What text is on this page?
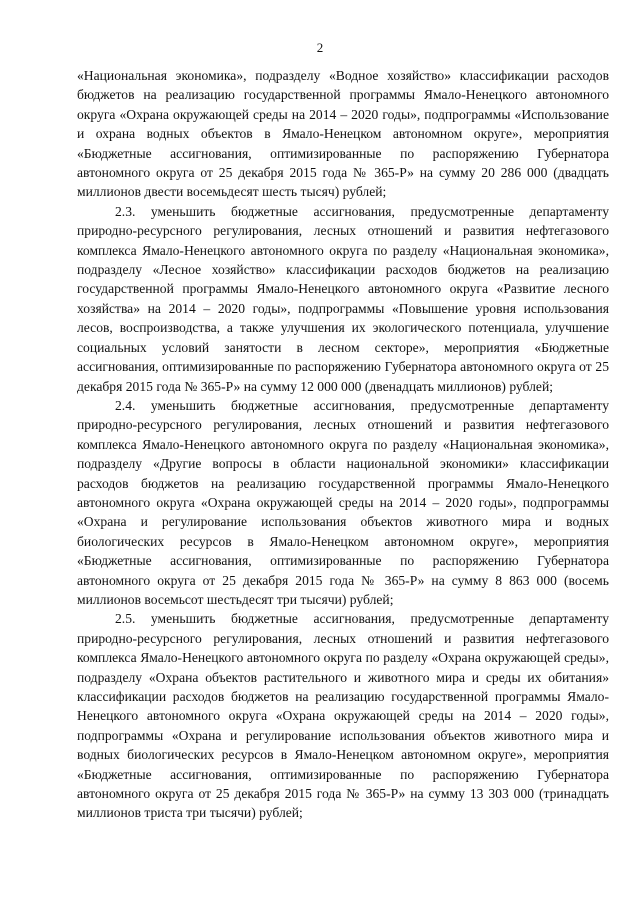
2

«Национальная экономика», подразделу «Водное хозяйство» классификации расходов бюджетов на реализацию государственной программы Ямало-Ненецкого автономного округа «Охрана окружающей среды на 2014 – 2020 годы», подпрограммы «Использование и охрана водных объектов в Ямало-Ненецком автономном округе», мероприятия «Бюджетные ассигнования, оптимизированные по распоряжению Губернатора автономного округа от 25 декабря 2015 года № 365-Р» на сумму 20 286 000 (двадцать миллионов двести восемьдесят шесть тысяч) рублей;

2.3. уменьшить бюджетные ассигнования, предусмотренные департаменту природно-ресурсного регулирования, лесных отношений и развития нефтегазового комплекса Ямало-Ненецкого автономного округа по разделу «Национальная экономика», подразделу «Лесное хозяйство» классификации расходов бюджетов на реализацию государственной программы Ямало-Ненецкого автономного округа «Развитие лесного хозяйства» на 2014 – 2020 годы», подпрограммы «Повышение уровня использования лесов, воспроизводства, а также улучшения их экологического потенциала, улучшение социальных условий занятости в лесном секторе», мероприятия «Бюджетные ассигнования, оптимизированные по распоряжению Губернатора автономного округа от 25 декабря 2015 года № 365-Р» на сумму 12 000 000 (двенадцать миллионов) рублей;

2.4. уменьшить бюджетные ассигнования, предусмотренные департаменту природно-ресурсного регулирования, лесных отношений и развития нефтегазового комплекса Ямало-Ненецкого автономного округа по разделу «Национальная экономика», подразделу «Другие вопросы в области национальной экономики» классификации расходов бюджетов на реализацию государственной программы Ямало-Ненецкого автономного округа «Охрана окружающей среды на 2014 – 2020 годы», подпрограммы «Охрана и регулирование использования объектов животного мира и водных биологических ресурсов в Ямало-Ненецком автономном округе», мероприятия «Бюджетные ассигнования, оптимизированные по распоряжению Губернатора автономного округа от 25 декабря 2015 года № 365-Р» на сумму 8 863 000 (восемь миллионов восемьсот шестьдесят три тысячи) рублей;

2.5. уменьшить бюджетные ассигнования, предусмотренные департаменту природно-ресурсного регулирования, лесных отношений и развития нефтегазового комплекса Ямало-Ненецкого автономного округа по разделу «Охрана окружающей среды», подразделу «Охрана объектов растительного и животного мира и среды их обитания» классификации расходов бюджетов на реализацию государственной программы Ямало-Ненецкого автономного округа «Охрана окружающей среды на 2014 – 2020 годы», подпрограммы «Охрана и регулирование использования объектов животного мира и водных биологических ресурсов в Ямало-Ненецком автономном округе», мероприятия «Бюджетные ассигнования, оптимизированные по распоряжению Губернатора автономного округа от 25 декабря 2015 года № 365-Р» на сумму 13 303 000 (тринадцать миллионов триста три тысячи) рублей;
